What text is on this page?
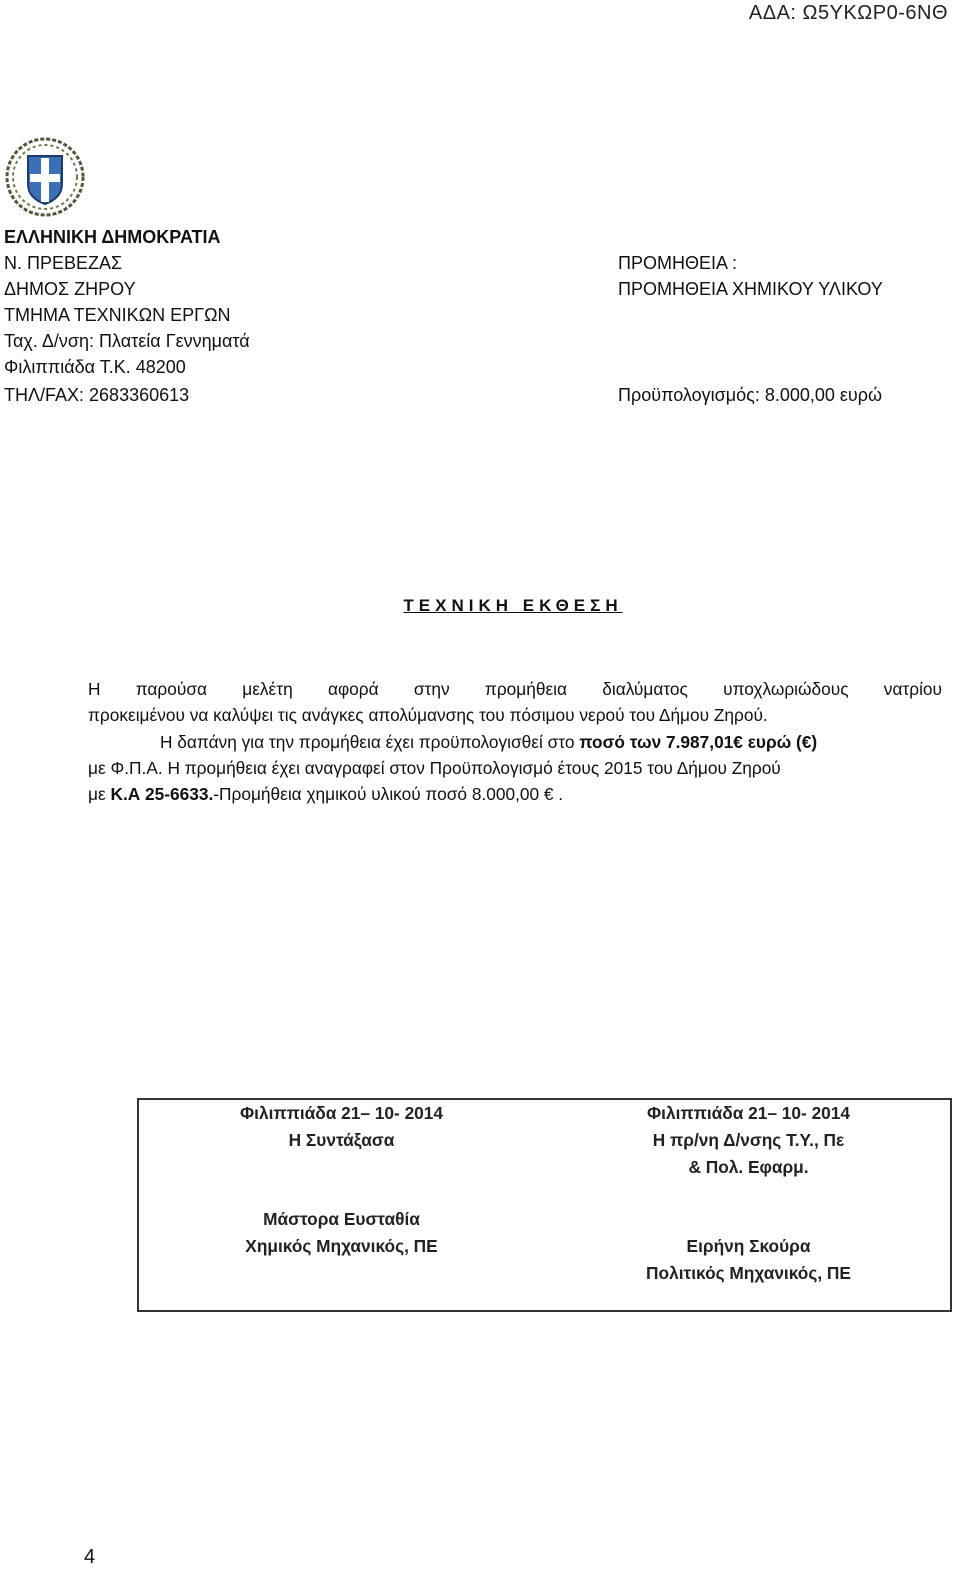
ΑΔΑ: Ω5ΥΚΩΡ0-6ΝΘ
ΕΛΛΗΝΙΚΗ ΔΗΜΟΚΡΑΤΙΑ
Ν. ΠΡΕΒΕΖΑΣ
ΔΗΜΟΣ ΖΗΡΟΥ
ΤΜΗΜΑ ΤΕΧΝΙΚΩΝ ΕΡΓΩΝ
Ταχ. Δ/νση: Πλατεία Γεννηματά
Φιλιππιάδα Τ.Κ. 48200
ΤΗΛ/FAX: 2683360613
ΠΡΟΜΗΘΕΙΑ :
ΠΡΟΜΗΘΕΙΑ ΧΗΜΙΚΟΥ ΥΛΙΚΟΥ
Προϋπολογισμός: 8.000,00 ευρώ
ΤΕΧΝΙΚΗ ΕΚΘΕΣΗ
Η παρούσα μελέτη αφορά στην προμήθεια διαλύματος υποχλωριώδους νατρίου
προκειμένου να καλύψει τις ανάγκες απολύμανσης του πόσιμου νερού του Δήμου Ζηρού.
Η δαπάνη για την προμήθεια έχει προϋπολογισθεί στο ποσό των 7.987,01€ ευρώ (€)
με Φ.Π.Α. Η προμήθεια έχει αναγραφεί στον Προϋπολογισμό έτους 2015 του Δήμου Ζηρού
με Κ.Α 25-6633.-Προμήθεια χημικού υλικού ποσό 8.000,00 € .
Φιλιππιάδα 21– 10- 2014
Η Συντάξασα
Μάστορα Ευσταθία
Χημικός Μηχανικός, ΠΕ
Φιλιππιάδα 21– 10- 2014
Η πρ/νη Δ/νσης Τ.Υ., Πε
& Πολ. Εφαρμ.
Ειρήνη Σκούρα
Πολιτικός Μηχανικός, ΠΕ
4
